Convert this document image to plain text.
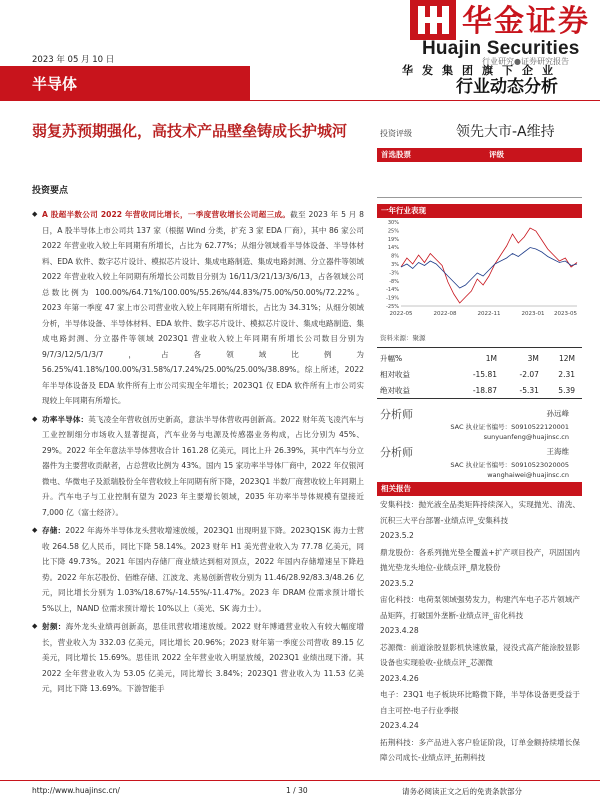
华金证券
Huajin Securities
华发集团旗下企业
2023 年 05 月 10 日
半导体
行业研究●证券研究报告
行业动态分析
弱复苏预期强化，高技术产品壁垒铸成长护城河
投资要点
◆ A 股超半数公司 2022 年营收同比增长，一季度营收增长公司超三成。截至 2023 年 5 月 8 日，A 股半导体上市公司共 137 家（根据 Wind 分类，扩充 3 家 EDA 厂商），其中 86 家公司 2022 年营业收入较上年同期有所增长，占比为 62.77%；从细分领域看半导体设备、半导体材料、EDA 软件、数字芯片设计、模拟芯片设计、集成电路制造、集成电路封测、分立器件等领域 2022 年营业收入较上年同期有所增长公司数目分别为 16/11/3/21/13/3/6/13，占各领域公司总数比例为 100.00%/64.71%/100.00%/55.26%/44.83%/75.00%/50.00%/72.22%。2023 年第一季度 47 家上市公司营业收入较上年同期有所增长，占比为 34.31%；从细分领域分析，半导体设备、半导体材料、EDA 软件、数字芯片设计、模拟芯片设计、集成电路制造、集成电路封测、分立器件等领域 2023Q1 营业收入较上年同期有所增长公司数目分别为 9/7/3/12/5/1/3/7，占各领域比例为 56.25%/41.18%/100.00%/31.58%/17.24%/25.00%/25.00%/38.89%。综上所述，2022 年半导体设备及 EDA 软件所有上市公司实现全年增长；2023Q1 仅 EDA 软件所有上市公司实现较上年同期有所增长。
◆ 功率半导体：英飞凌全年营收创历史新高，意法半导体营收再创新高。2022 财年英飞凌汽车与工业控制细分市场收入显著提高，汽车业务与电源及传感器业务构成，占比分别为 45%、29%。2022 年全年意法半导体营收合计 161.28 亿美元，同比上升 26.39%，其中汽车与分立器件为主要营收贡献者，占总营收比例为 43%。国内 15 家功率半导体厂商中，2022 年仅银河微电、华微电子及派瑞股份全年营收较上年同期有所下降，2023Q1 半数厂商营收较上年同期上升。汽车电子与工业控制有望为 2023 年主要增长领域，2035 年功率半导体规模有望接近 7,000 亿（富士经济）。
◆ 存储：2022 年海外半导体龙头营收增速放缓，2023Q1 出现明显下降。2023Q1SK 海力士营收 264.58 亿人民币，同比下降 58.14%。2023 财年 H1 美光营业收入为 77.78 亿美元，同比下降 49.73%。2021 年国内存储厂商业绩达到相对顶点，2022 年国内存储增速呈下降趋势。2022 年东芯股份、佰维存储、江波龙、兆易创新营收分别为 11.46/28.92/83.3/48.26 亿元，同比增长分别为 1.03%/18.67%/-14.55%/-11.47%。2023 年 DRAM 位需求预计增长 5%以上，NAND 位需求预计增长 10%以上（美光、SK 海力士）。
◆ 射频：海外龙头业绩再创新高，思佳讯营收增速放缓。2022 财年博通营业收入有较大幅度增长，营业收入为 332.03 亿美元，同比增长 20.96%；2023 财年第一季度公司营收 89.15 亿美元，同比增长 15.69%。思佳讯 2022 全年营业收入明显放缓，2023Q1 业绩出现下滑。其 2022 全年营业收入为 53.05 亿美元，同比增长 3.84%；2023Q1 营业收入为 11.53 亿美元，同比下降 13.69%。下游智能手
投资评级	领先大市-A维持
首选股票	评级
一年行业表现
30%
25%
19%
14%
8%
3%
-3%
-8%
-14%
-19%
-25%
2022-05	2022-08	2022-11	2023-01 2023-05
资料来源：聚源
升幅%	1M	3M	12M
相对收益	-15.81	-2.07	2.31
绝对收益	-18.87	-5.31	5.39
分析师	孙远峰
SAC 执业证书编号：S0910522120001
sunyuanfeng@huajinsc.cn
分析师	王海维
SAC 执业证书编号：S0910523020005
wanghaiwei@huajinsc.cn
相关报告
安集科技：抛光液全品类矩阵持续深入，实现抛光、清洗、沉积三大平台部署-业绩点评_安集科技
2023.5.2
鼎龙股份：各系列抛光垫全覆盖+扩产项目投产，巩固国内抛光垫龙头地位-业绩点评_鼎龙股份
2023.5.2
宙化科技：电荷泵领域强势发力，构建汽车电子芯片领域产品矩阵，打破国外垄断-业绩点评_宙化科技
2023.4.28
芯源微：前道涂胶显影机快速放量，浸没式高产能涂胶显影设备也实现验收-业绩点评_芯源微
2023.4.26
电子：23Q1 电子板块环比略微下降，半导体设备更受益于自主可控-电子行业季报
2023.4.24
拓荆科技：多产品进入客户验证阶段，订单金额持续增长保障公司成长-业绩点评_拓荆科技
http://www.huajinsc.cn/	1 / 30	请务必阅读正文之后的免责条款部分
